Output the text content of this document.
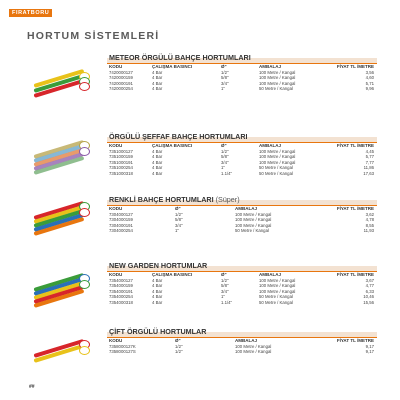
FIRATBORU
HORTUM SİSTEMLERİ
METEOR ÖRGÜLÜ BAHÇE HORTUMLARI
KODU	ÇALIŞMA BASINCI	Ø"	AMBALAJ	FİYAT TL /METRE
7420000127	4 Bar	1/2"	100 Metre / Kangal	3,56
7420000159	4 Bar	5/8"	100 Metre / Kangal	4,60
7420000191	4 Bar	3/4"	100 Metre / Kangal	5,71
7420000254	4 Bar	1"	50 Metre / Kangal	9,96
ÖRGÜLÜ ŞEFFAF BAHÇE HORTUMLARI
KODU	ÇALIŞMA BASINCI	Ø"	AMBALAJ	FİYAT TL /METRE
7351000127	4 Bar	1/2"	100 Metre / Kangal	4,45
7351000159	4 Bar	5/8"	100 Metre / Kangal	5,77
7351000191	4 Bar	3/4"	100 Metre / Kangal	7,77
7351000254	4 Bar	1"	50 Metre / Kangal	11,86
7351000318	4 Bar	1.1/4"	50 Metre / Kangal	17,63
RENKLİ BAHÇE HORTUMLARI (Süper)
KODU	Ø"	AMBALAJ	FİYAT TL /METRE
7304000127	1/2"	100 Metre / Kangal	3,62
7304000159	5/8"	100 Metre / Kangal	4,78
7304000191	3/4"	100 Metre / Kangal	8,55
7304000254	1"	50 Metre / Kangal	11,93
NEW GARDEN HORTUMLAR
KODU	ÇALIŞMA BASINCI	Ø"	AMBALAJ	FİYAT TL /METRE
7354000127	4 Bar	1/2"	100 Metre / Kangal	3,67
7354000159	4 Bar	5/8"	100 Metre / Kangal	4,77
7354000191	4 Bar	3/4"	100 Metre / Kangal	6,33
7354000254	4 Bar	1"	50 Metre / Kangal	10,46
7354000318	4 Bar	1.1/4"	50 Metre / Kangal	15,56
ÇİFT ÖRGÜLÜ HORTUMLAR
KODU	Ø"	AMBALAJ	FİYAT TL /METRE
7358000127K	1/2"	100 Metre / Kangal	9,17
7358000127S	1/2"	100 Metre / Kangal	9,17
##
